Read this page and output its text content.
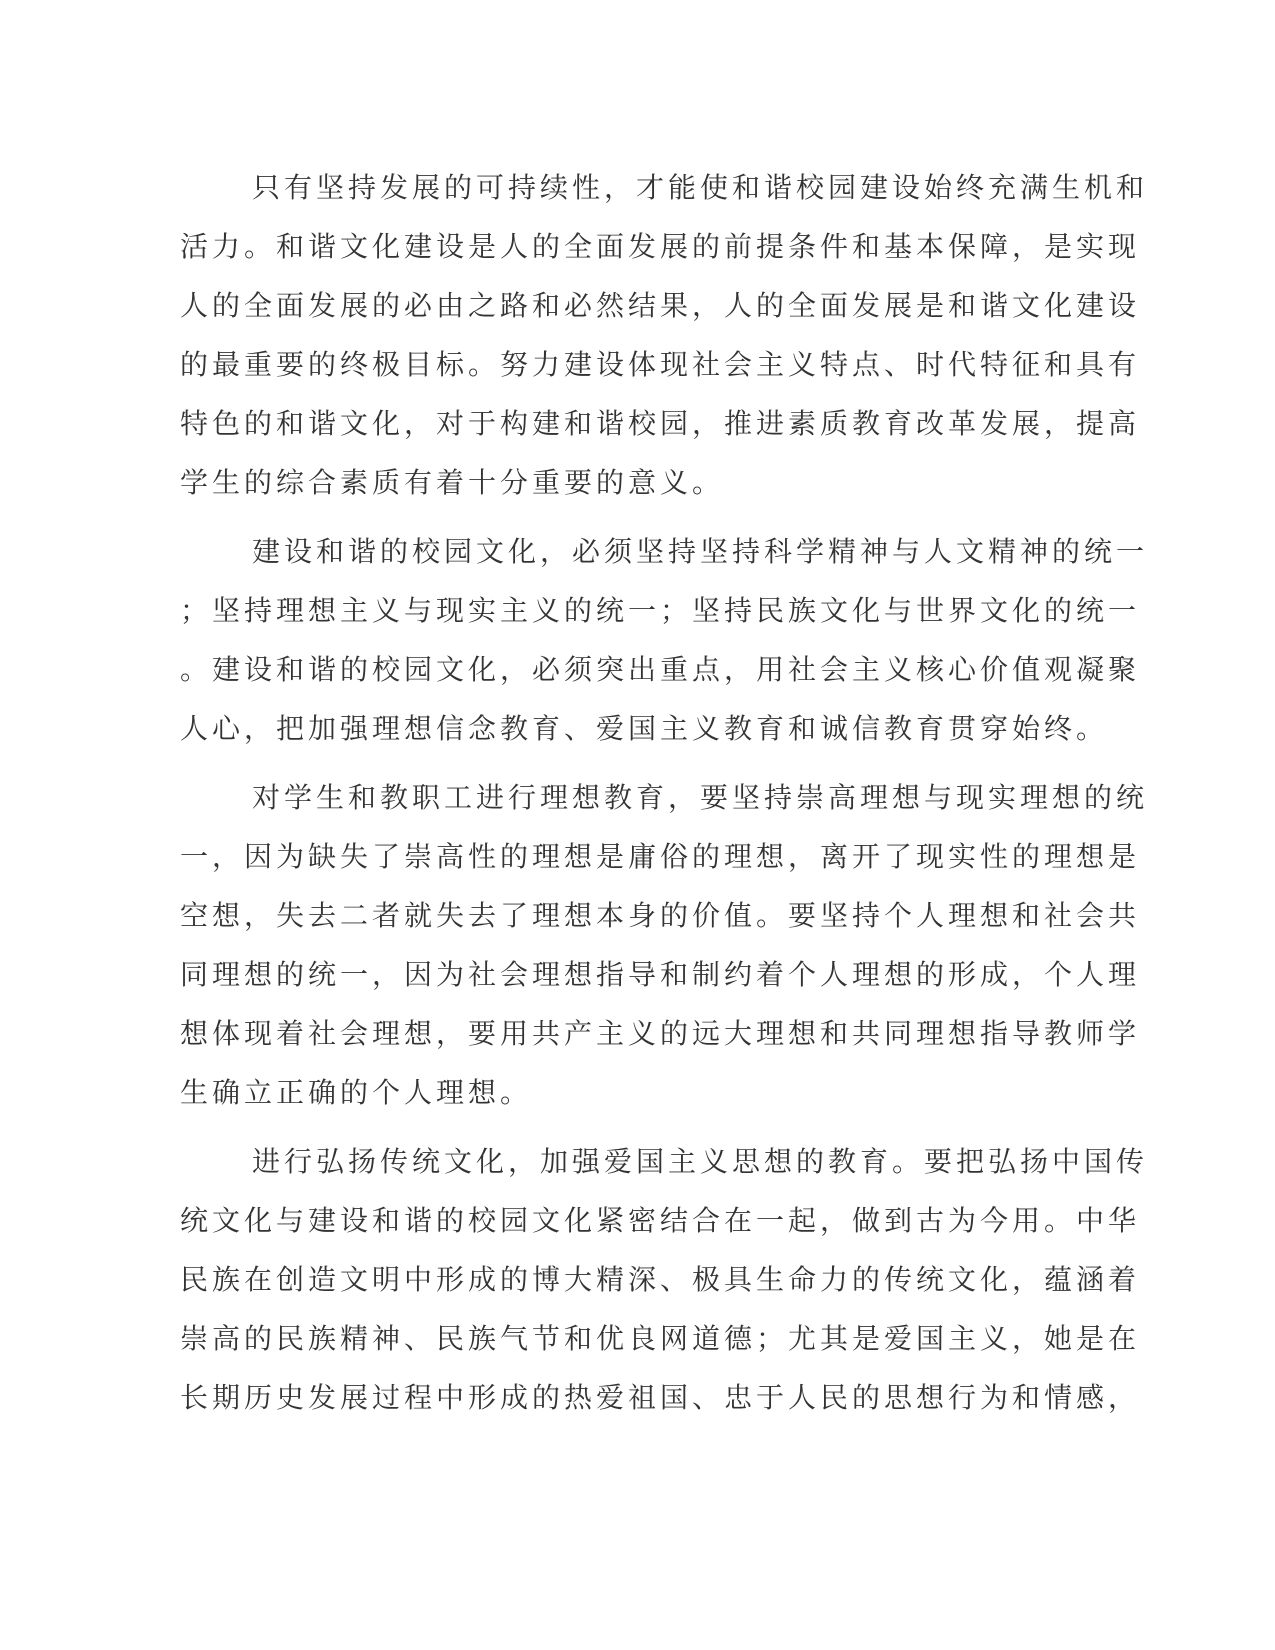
只有坚持发展的可持续性，才能使和谐校园建设始终充满生机和
活力。和谐文化建设是人的全面发展的前提条件和基本保障，是实现
人的全面发展的必由之路和必然结果，人的全面发展是和谐文化建设
的最重要的终极目标。努力建设体现社会主义特点、时代特征和具有
特色的和谐文化，对于构建和谐校园，推进素质教育改革发展，提高
学生的综合素质有着十分重要的意义。

建设和谐的校园文化，必须坚持坚持科学精神与人文精神的统一
；坚持理想主义与现实主义的统一；坚持民族文化与世界文化的统一
。建设和谐的校园文化，必须突出重点，用社会主义核心价值观凝聚
人心，把加强理想信念教育、爱国主义教育和诚信教育贯穿始终。

对学生和教职工进行理想教育，要坚持崇高理想与现实理想的统
一，因为缺失了崇高性的理想是庸俗的理想，离开了现实性的理想是
空想，失去二者就失去了理想本身的价值。要坚持个人理想和社会共
同理想的统一，因为社会理想指导和制约着个人理想的形成，个人理
想体现着社会理想，要用共产主义的远大理想和共同理想指导教师学
生确立正确的个人理想。

进行弘扬传统文化，加强爱国主义思想的教育。要把弘扬中国传
统文化与建设和谐的校园文化紧密结合在一起，做到古为今用。中华
民族在创造文明中形成的博大精深、极具生命力的传统文化，蕴涵着
崇高的民族精神、民族气节和优良网道德；尤其是爱国主义，她是在
长期历史发展过程中形成的热爱祖国、忠于人民的思想行为和情感，
